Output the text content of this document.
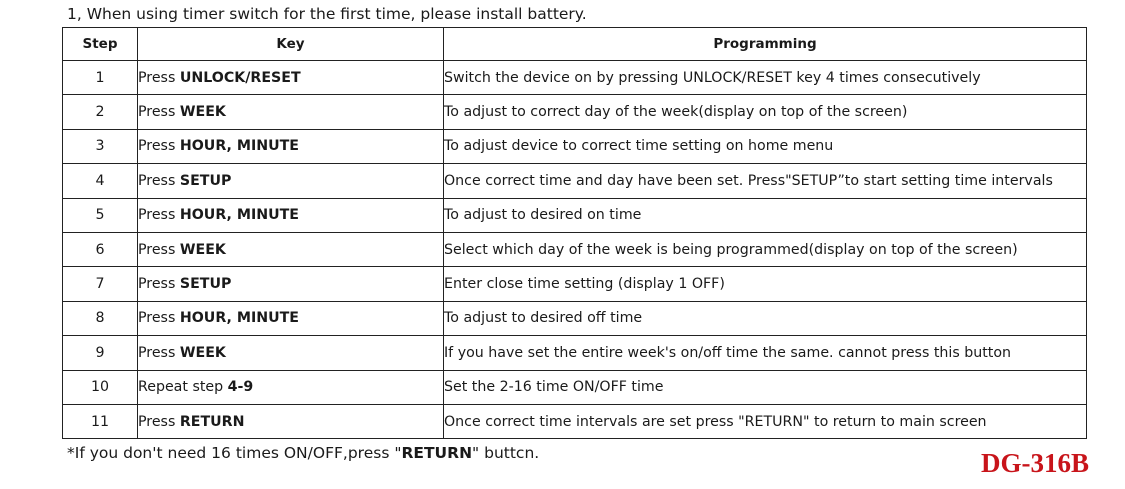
1, When using timer switch for the first time, please install battery.
Step	Key	Programming
1	Press UNLOCK/RESET	Switch the device on by pressing UNLOCK/RESET key 4 times consecutively
2	Press WEEK	To adjust to correct day of the week(display on top of the screen)
3	Press HOUR, MINUTE	To adjust device to correct time setting on home menu
4	Press SETUP	Once correct time and day have been set. Press"SETUP”to start setting time intervals
5	Press HOUR, MINUTE	To adjust to desired on time
6	Press WEEK	Select which day of the week is being programmed(display on top of the screen)
7	Press SETUP	Enter close time setting (display 1 OFF)
8	Press HOUR, MINUTE	To adjust to desired off time
9	Press WEEK	If you have set the entire week's on/off time the same. cannot press this button
10	Repeat step 4-9	Set the 2-16 time ON/OFF time
11	Press RETURN	Once correct time intervals are set press "RETURN" to return to main screen
*If you don't need 16 times ON/OFF,press "RETURN" buttcn.	DG-316B
